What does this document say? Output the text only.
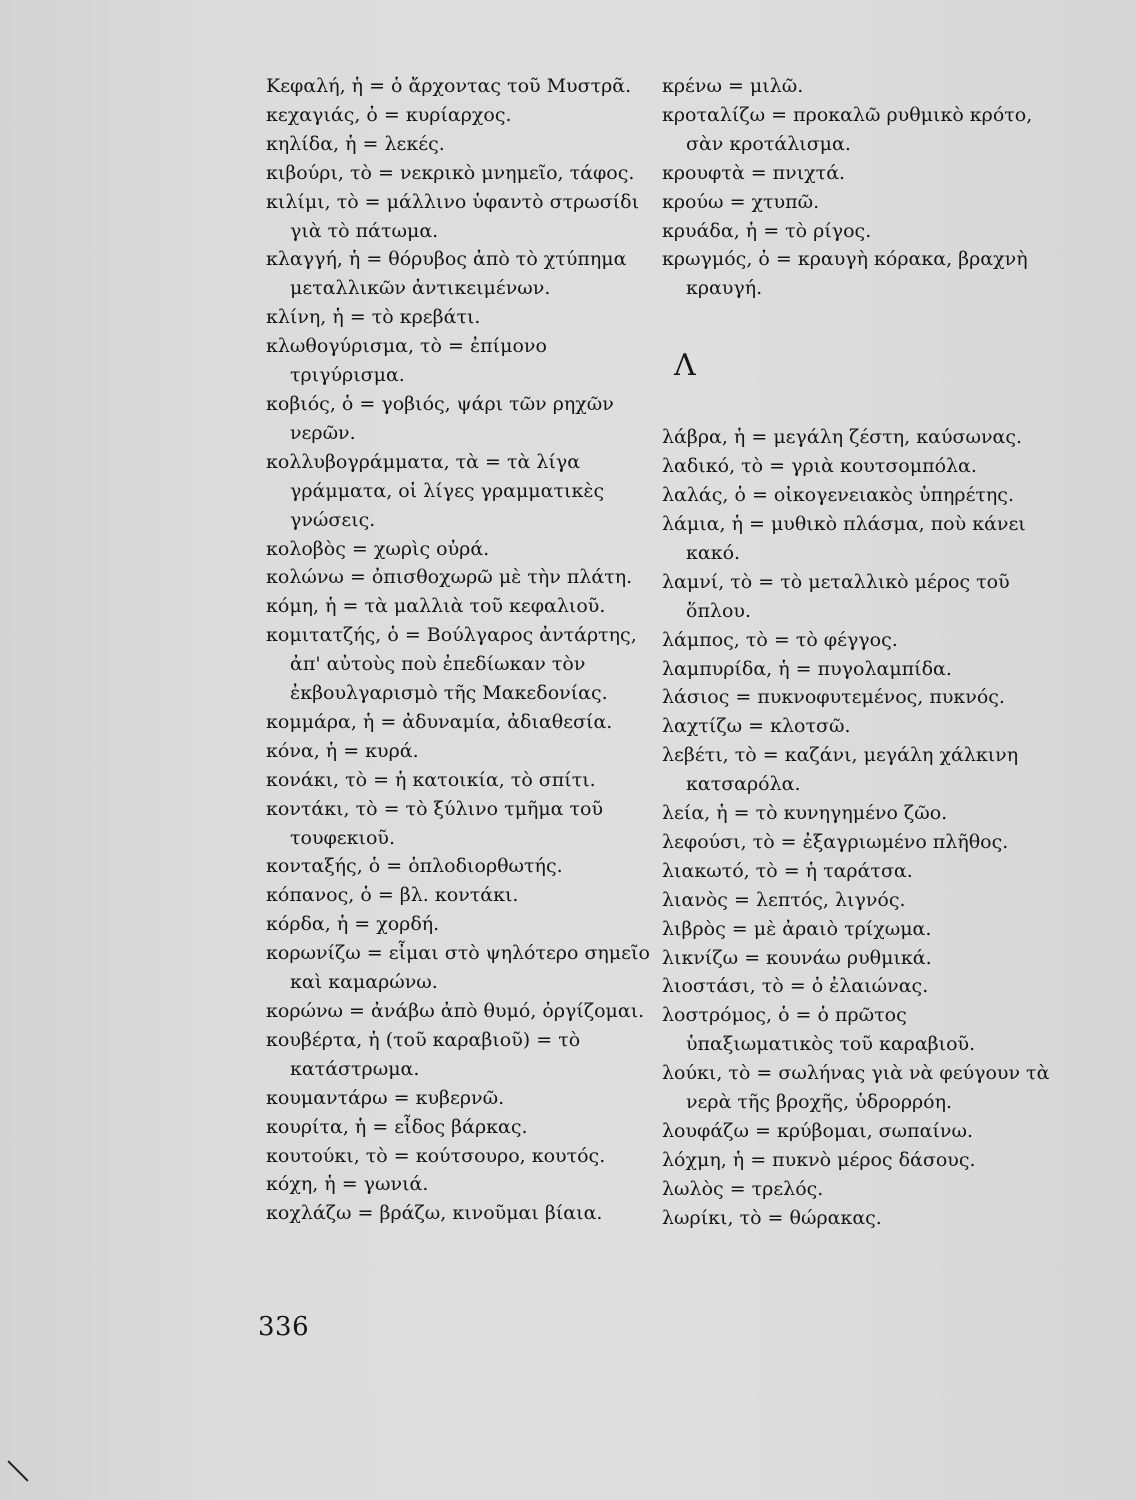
Κεφαλή, ἡ = ὁ ἄρχοντας τοῦ Μυστρᾶ.

κεχαγιάς, ὁ = κυρίαρχος.

κηλίδα, ἡ = λεκές.

κιβούρι, τὸ = νεκρικὸ μνημεῖο, τάφος.

κιλίμι, τὸ = μάλλινο ὑφαντὸ στρωσίδι γιὰ τὸ πάτωμα.

κλαγγή, ἡ = θόρυβος ἀπὸ τὸ χτύπημα μεταλλικῶν ἀντικειμένων.

κλίνη, ἡ = τὸ κρεβάτι.

κλωθογύρισμα, τὸ = ἐπίμονο τριγύρισμα.

κοβιός, ὁ = γοβιός, ψάρι τῶν ρηχῶν νερῶν.

κολλυβογράμματα, τὰ = τὰ λίγα γράμματα, οἱ λίγες γραμματικὲς γνώσεις.

κολοβὸς = χωρὶς οὐρά.

κολώνω = ὀπισθοχωρῶ μὲ τὴν πλάτη.

κόμη, ἡ = τὰ μαλλιὰ τοῦ κεφαλιοῦ.

κομιτατζής, ὁ = Βούλγαρος ἀντάρτης, ἀπ' αὐτοὺς ποὺ ἐπεδίωκαν τὸν ἐκβουλγαρισμὸ τῆς Μακεδονίας.

κομμάρα, ἡ = ἀδυναμία, ἀδιαθεσία.

κόνα, ἡ = κυρά.

κονάκι, τὸ = ἡ κατοικία, τὸ σπίτι.

κοντάκι, τὸ = τὸ ξύλινο τμῆμα τοῦ τουφεκιοῦ.

κονταξής, ὁ = ὁπλοδιορθωτής.

κόπανος, ὁ = βλ. κοντάκι.

κόρδα, ἡ = χορδή.

κορωνίζω = εἶμαι στὸ ψηλότερο σημεῖο καὶ καμαρώνω.

κορώνω = ἀνάβω ἀπὸ θυμό, ὀργίζομαι.

κουβέρτα, ἡ (τοῦ καραβιοῦ) = τὸ κατάστρωμα.

κουμαντάρω = κυβερνῶ.

κουρίτα, ἡ = εἶδος βάρκας.

κουτούκι, τὸ = κούτσουρο, κουτός.

κόχη, ἡ = γωνιά.

κοχλάζω = βράζω, κινοῦμαι βίαια.

κρένω = μιλῶ.

κροταλίζω = προκαλῶ ρυθμικὸ κρότο, σὰν κροτάλισμα.

κρουφτὰ = πνιχτά.

κρούω = χτυπῶ.

κρυάδα, ἡ = τὸ ρίγος.

κρωγμός, ὁ = κραυγὴ κόρακα, βραχνὴ κραυγή.

Λ

λάβρα, ἡ = μεγάλη ζέστη, καύσωνας.

λαδικό, τὸ = γριὰ κουτσομπόλα.

λαλάς, ὁ = οἰκογενειακὸς ὑπηρέτης.

λάμια, ἡ = μυθικὸ πλάσμα, ποὺ κάνει κακό.

λαμνί, τὸ = τὸ μεταλλικὸ μέρος τοῦ ὅπλου.

λάμπος, τὸ = τὸ φέγγος.

λαμπυρίδα, ἡ = πυγολαμπίδα.

λάσιος = πυκνοφυτεμένος, πυκνός.

λαχτίζω = κλοτσῶ.

λεβέτι, τὸ = καζάνι, μεγάλη χάλκινη κατσαρόλα.

λεία, ἡ = τὸ κυνηγημένο ζῶο.

λεφούσι, τὸ = ἐξαγριωμένο πλῆθος.

λιακωτό, τὸ = ἡ ταράτσα.

λιανὸς = λεπτός, λιγνός.

λιβρὸς = μὲ ἀραιὸ τρίχωμα.

λικνίζω = κουνάω ρυθμικά.

λιοστάσι, τὸ = ὁ ἐλαιώνας.

λοστρόμος, ὁ = ὁ πρῶτος ὑπαξιωματικὸς τοῦ καραβιοῦ.

λούκι, τὸ = σωλήνας γιὰ νὰ φεύγουν τὰ νερὰ τῆς βροχῆς, ὑδρορρόη.

λουφάζω = κρύβομαι, σωπαίνω.

λόχμη, ἡ = πυκνὸ μέρος δάσους.

λωλὸς = τρελός.

λωρίκι, τὸ = θώρακας.

336
